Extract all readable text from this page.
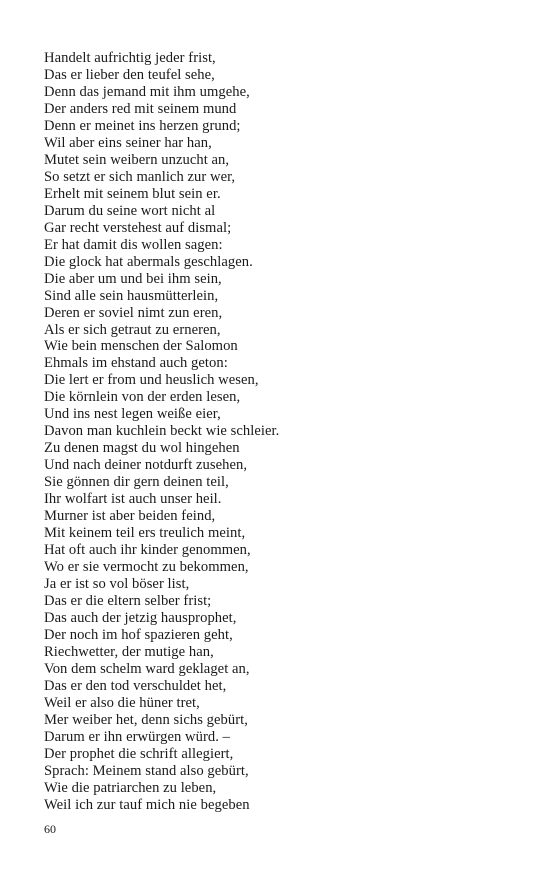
Handelt aufrichtig jeder frist,
Das er lieber den teufel sehe,
Denn das jemand mit ihm umgehe,
Der anders red mit seinem mund
Denn er meinet ins herzen grund;
Wil aber eins seiner har han,
Mutet sein weibern unzucht an,
So setzt er sich manlich zur wer,
Erhelt mit seinem blut sein er.
Darum du seine wort nicht al
Gar recht verstehest auf dismal;
Er hat damit dis wollen sagen:
Die glock hat abermals geschlagen.
Die aber um und bei ihm sein,
Sind alle sein hausmütterlein,
Deren er soviel nimt zun eren,
Als er sich getraut zu erneren,
Wie bein menschen der Salomon
Ehmals im ehstand auch geton:
Die lert er from und heuslich wesen,
Die körnlein von der erden lesen,
Und ins nest legen weiße eier,
Davon man kuchlein beckt wie schleier.
Zu denen magst du wol hingehen
Und nach deiner notdurft zusehen,
Sie gönnen dir gern deinen teil,
Ihr wolfart ist auch unser heil.
Murner ist aber beiden feind,
Mit keinem teil ers treulich meint,
Hat oft auch ihr kinder genommen,
Wo er sie vermocht zu bekommen,
Ja er ist so vol böser list,
Das er die eltern selber frist;
Das auch der jetzig hausprophet,
Der noch im hof spazieren geht,
Riechwetter, der mutige han,
Von dem schelm ward geklaget an,
Das er den tod verschuldet het,
Weil er also die hüner tret,
Mer weiber het, denn sichs gebürt,
Darum er ihn erwürgen würd. –
Der prophet die schrift allegiert,
Sprach: Meinem stand also gebürt,
Wie die patriarchen zu leben,
Weil ich zur tauf mich nie begeben
60
